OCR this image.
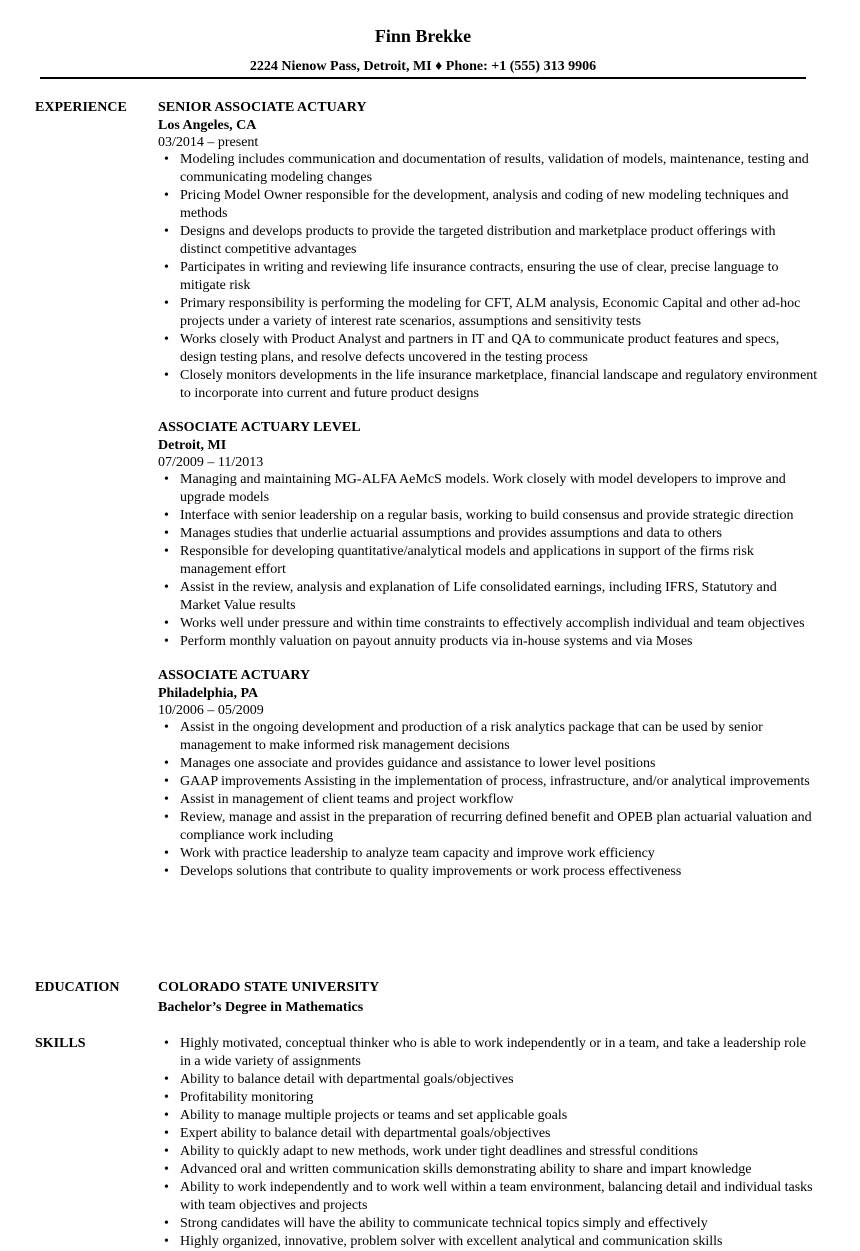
Finn Brekke
2224 Nienow Pass, Detroit, MI ♦ Phone: +1 (555) 313 9906
EXPERIENCE SENIOR ASSOCIATE ACTUARY
Los Angeles, CA
03/2014 – present
• Modeling includes communication and documentation of results, validation of models, maintenance, testing and communicating modeling changes
• Pricing Model Owner responsible for the development, analysis and coding of new modeling techniques and methods
• Designs and develops products to provide the targeted distribution and marketplace product offerings with distinct competitive advantages
• Participates in writing and reviewing life insurance contracts, ensuring the use of clear, precise language to mitigate risk
• Primary responsibility is performing the modeling for CFT, ALM analysis, Economic Capital and other ad-hoc projects under a variety of interest rate scenarios, assumptions and sensitivity tests
• Works closely with Product Analyst and partners in IT and QA to communicate product features and specs, design testing plans, and resolve defects uncovered in the testing process
• Closely monitors developments in the life insurance marketplace, financial landscape and regulatory environment to incorporate into current and future product designs
ASSOCIATE ACTUARY LEVEL
Detroit, MI
07/2009 – 11/2013
• Managing and maintaining MG-ALFA AeMcS models. Work closely with model developers to improve and upgrade models
• Interface with senior leadership on a regular basis, working to build consensus and provide strategic direction
• Manages studies that underlie actuarial assumptions and provides assumptions and data to others
• Responsible for developing quantitative/analytical models and applications in support of the firms risk management effort
• Assist in the review, analysis and explanation of Life consolidated earnings, including IFRS, Statutory and Market Value results
• Works well under pressure and within time constraints to effectively accomplish individual and team objectives
• Perform monthly valuation on payout annuity products via in-house systems and via Moses
ASSOCIATE ACTUARY
Philadelphia, PA
10/2006 – 05/2009
• Assist in the ongoing development and production of a risk analytics package that can be used by senior management to make informed risk management decisions
• Manages one associate and provides guidance and assistance to lower level positions
• GAAP improvements Assisting in the implementation of process, infrastructure, and/or analytical improvements
• Assist in management of client teams and project workflow
• Review, manage and assist in the preparation of recurring defined benefit and OPEB plan actuarial valuation and compliance work including
• Work with practice leadership to analyze team capacity and improve work efficiency
• Develops solutions that contribute to quality improvements or work process effectiveness
EDUCATION	COLORADO STATE UNIVERSITY
Bachelor’s Degree in Mathematics
SKILLS
•	Highly motivated, conceptual thinker who is able to work independently or in a team, and take a leadership role in a wide variety of assignments
• Ability to balance detail with departmental goals/objectives
• Profitability monitoring
• Ability to manage multiple projects or teams and set applicable goals
• Expert ability to balance detail with departmental goals/objectives
• Ability to quickly adapt to new methods, work under tight deadlines and stressful conditions
• Advanced oral and written communication skills demonstrating ability to share and impart knowledge
• Ability to work independently and to work well within a team environment, balancing detail and individual tasks with team objectives and projects
• Strong candidates will have the ability to communicate technical topics simply and effectively
• Highly organized, innovative, problem solver with excellent analytical and communication skills
